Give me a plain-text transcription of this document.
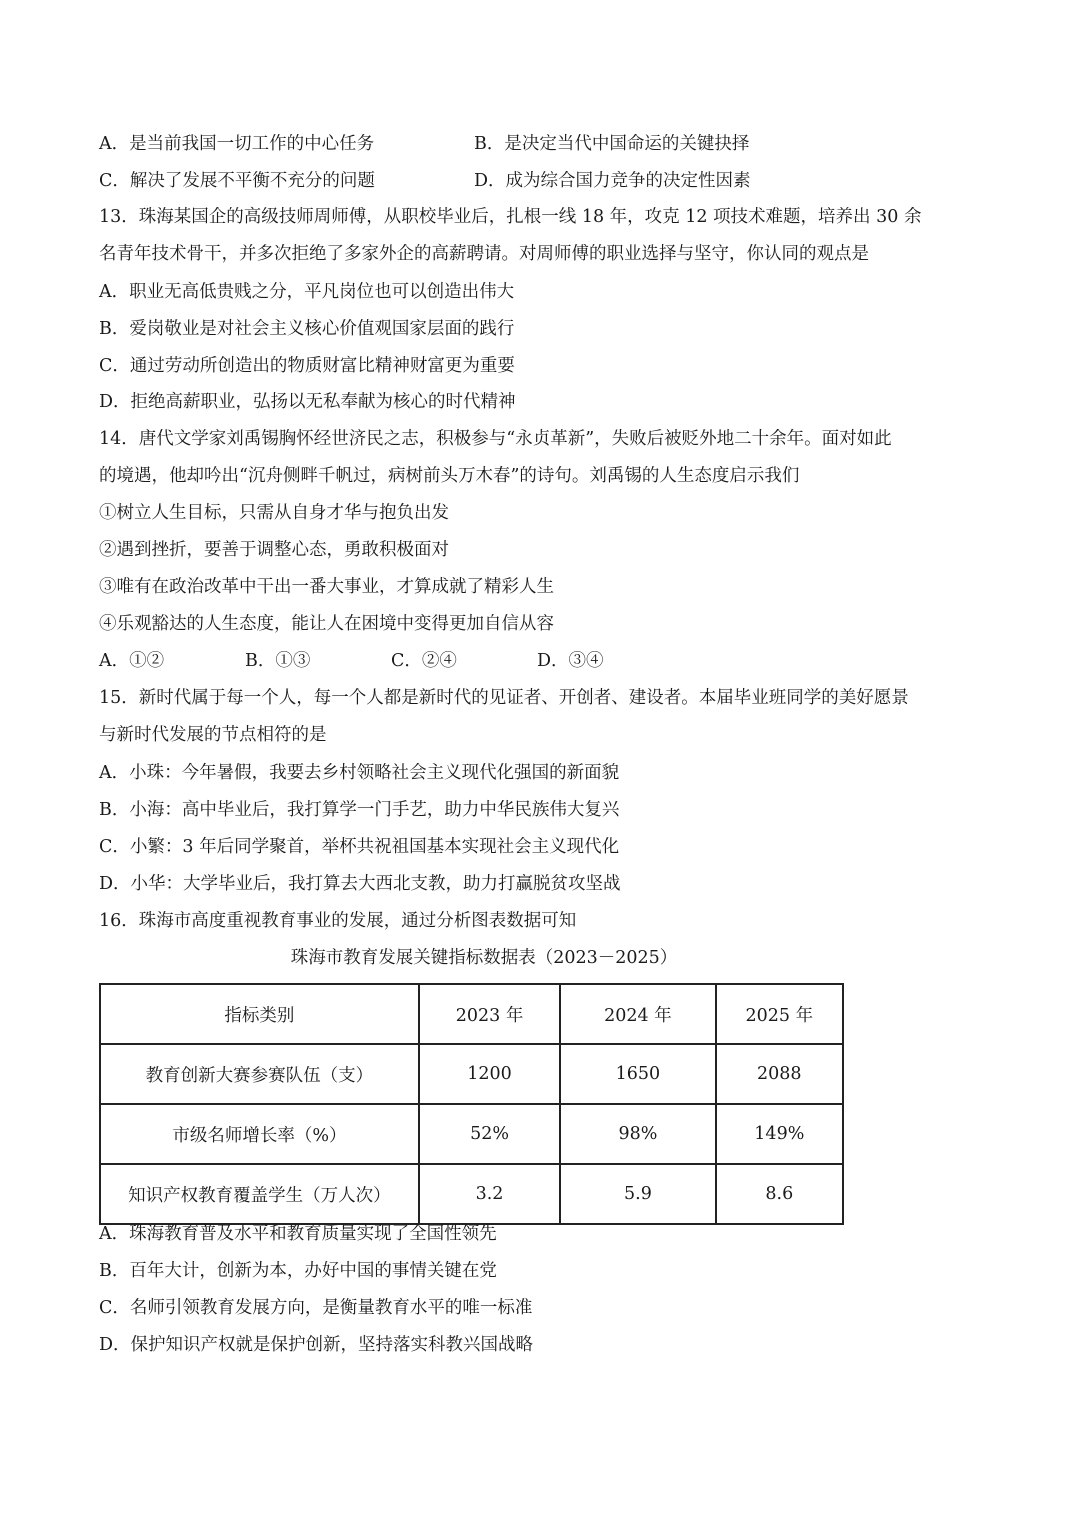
A．是当前我国一切工作的中心任务	B．是决定当代中国命运的关键抉择
C．解决了发展不平衡不充分的问题	D．成为综合国力竞争的决定性因素
13．珠海某国企的高级技师周师傅，从职校毕业后，扎根一线 18 年，攻克 12 项技术难题，培养出 30 余
名青年技术骨干，并多次拒绝了多家外企的高薪聘请。对周师傅的职业选择与坚守，你认同的观点是
A．职业无高低贵贱之分，平凡岗位也可以创造出伟大
B．爱岗敬业是对社会主义核心价值观国家层面的践行
C．通过劳动所创造出的物质财富比精神财富更为重要
D．拒绝高薪职业，弘扬以无私奉献为核心的时代精神
14．唐代文学家刘禹锡胸怀经世济民之志，积极参与“永贞革新”，失败后被贬外地二十余年。面对如此
的境遇，他却吟出“沉舟侧畔千帆过，病树前头万木春”的诗句。刘禹锡的人生态度启示我们
①树立人生目标，只需从自身才华与抱负出发
②遇到挫折，要善于调整心态，勇敢积极面对
③唯有在政治改革中干出一番大事业，才算成就了精彩人生
④乐观豁达的人生态度，能让人在困境中变得更加自信从容
A．①②	B．①③	C．②④	D．③④
15．新时代属于每一个人，每一个人都是新时代的见证者、开创者、建设者。本届毕业班同学的美好愿景
与新时代发展的节点相符的是
A．小珠：今年暑假，我要去乡村领略社会主义现代化强国的新面貌
B．小海：高中毕业后，我打算学一门手艺，助力中华民族伟大复兴
C．小繁：3 年后同学聚首，举杯共祝祖国基本实现社会主义现代化
D．小华：大学毕业后，我打算去大西北支教，助力打赢脱贫攻坚战
16．珠海市高度重视教育事业的发展，通过分析图表数据可知
珠海市教育发展关键指标数据表（2023－2025）
指标类别	2023 年	2024 年	2025 年
教育创新大赛参赛队伍（支）	1200	1650	2088
市级名师增长率（%）	52%	98%	149%
知识产权教育覆盖学生（万人次）	3.2	5.9	8.6
A．珠海教育普及水平和教育质量实现了全国性领先
B．百年大计，创新为本，办好中国的事情关键在党
C．名师引领教育发展方向，是衡量教育水平的唯一标准
D．保护知识产权就是保护创新，坚持落实科教兴国战略
